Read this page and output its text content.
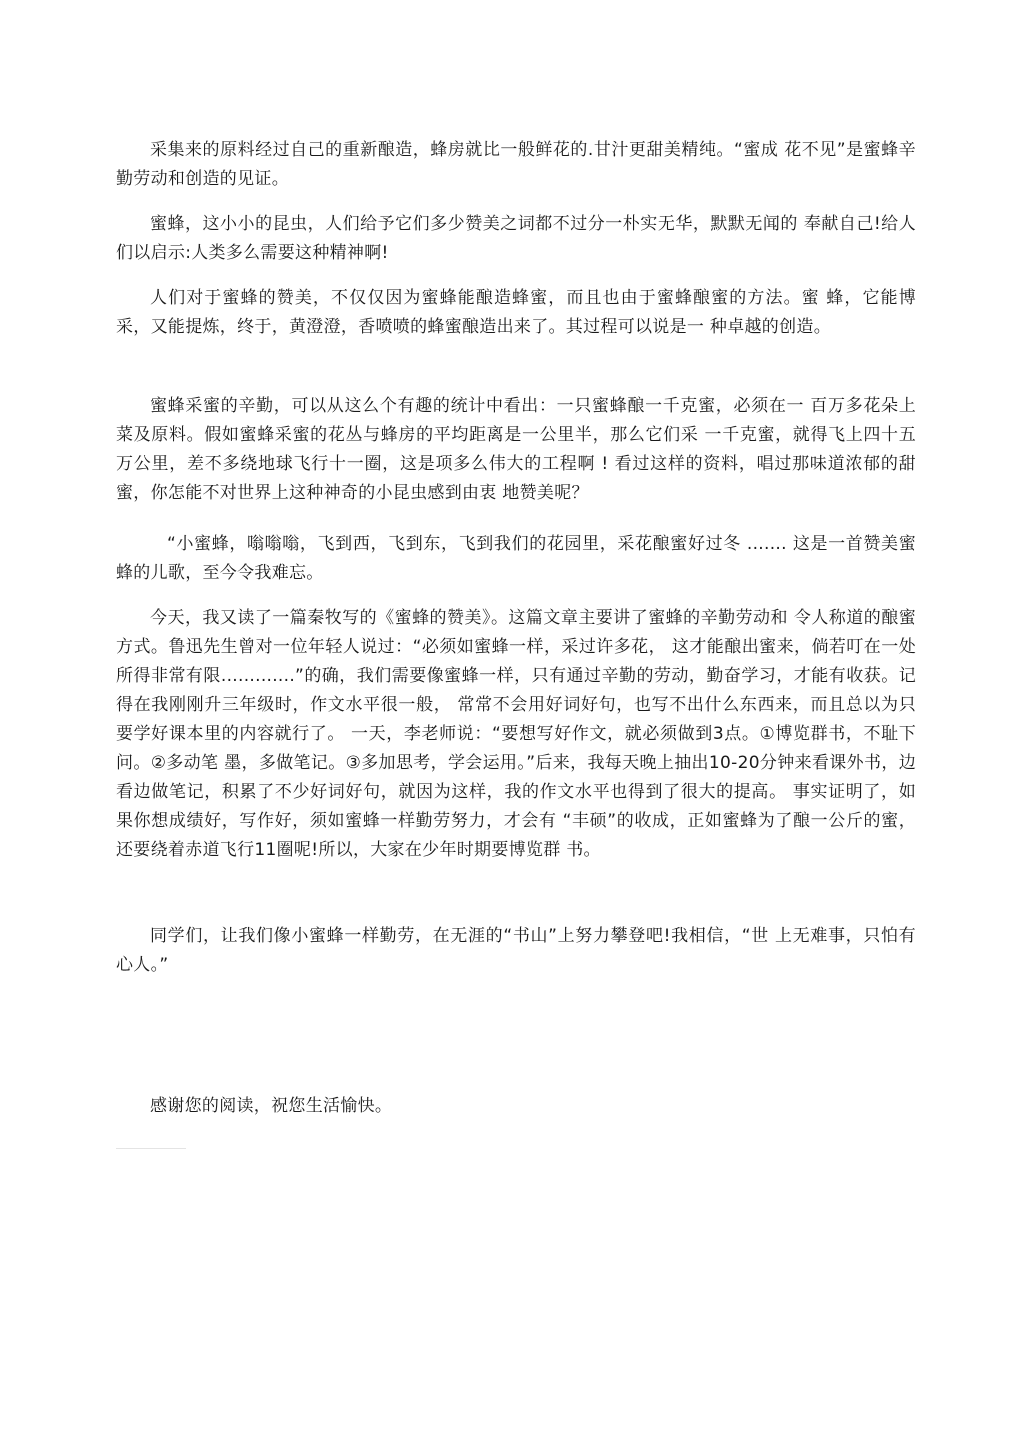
采集来的原料经过自己的重新酿造，蜂房就比一般鲜花的.甘汁更甜美精纯。“蜜成 花不见”是蜜蜂辛勤劳动和创造的见证。

蜜蜂，这小小的昆虫，人们给予它们多少赞美之词都不过分一朴实无华，默默无闻的 奉献自己!给人们以启示:人类多么需要这种精神啊!

人们对于蜜蜂的赞美，不仅仅因为蜜蜂能酿造蜂蜜，而且也由于蜜蜂酿蜜的方法。蜜 蜂，它能博采，又能提炼，终于，黄澄澄，香喷喷的蜂蜜酿造出来了。其过程可以说是一 种卓越的创造。

蜜蜂采蜜的辛勤，可以从这么个有趣的统计中看出：一只蜜蜂酿一千克蜜，必须在一 百万多花朵上菜及原料。假如蜜蜂采蜜的花丛与蜂房的平均距离是一公里半，那么它们采 一千克蜜，就得飞上四十五万公里，差不多绕地球飞行十一圈，这是项多么伟大的工程啊 ! 看过这样的资料，唱过那味道浓郁的甜蜜，你怎能不对世界上这种神奇的小昆虫感到由衷 地赞美呢？

“小蜜蜂，嗡嗡嗡，飞到西，飞到东，飞到我们的花园里，采花酿蜜好过冬 ....... 这是一首赞美蜜蜂的儿歌，至今令我难忘。

今天，我又读了一篇秦牧写的《蜜蜂的赞美》。这篇文章主要讲了蜜蜂的辛勤劳动和 令人称道的酿蜜方式。鲁迅先生曾对一位年轻人说过：“必须如蜜蜂一样，采过许多花， 这才能酿出蜜来，倘若叮在一处所得非常有限.............”的确，我们需要像蜜蜂一样，只有通过辛勤的劳动，勤奋学习，才能有收获。记得在我刚刚升三年级时，作文水平很一般， 常常不会用好词好句，也写不出什么东西来，而且总以为只要学好课本里的内容就行了。 一天，李老师说：“要想写好作文，就必须做到3点。①博览群书，不耻下问。②多动笔 墨，多做笔记。③多加思考，学会运用。”后来，我每天晚上抽出10-20分钟来看课外书，边看边做笔记，积累了不少好词好句，就因为这样，我的作文水平也得到了很大的提高。 事实证明了，如果你想成绩好，写作好，须如蜜蜂一样勤劳努力，才会有 “丰硕”的收成，正如蜜蜂为了酿一公斤的蜜，还要绕着赤道飞行11圈呢!所以，大家在少年时期要博览群 书。

同学们，让我们像小蜜蜂一样勤劳，在无涯的“书山”上努力攀登吧!我相信，“世 上无难事，只怕有心人。”

感谢您的阅读，祝您生活愉快。
